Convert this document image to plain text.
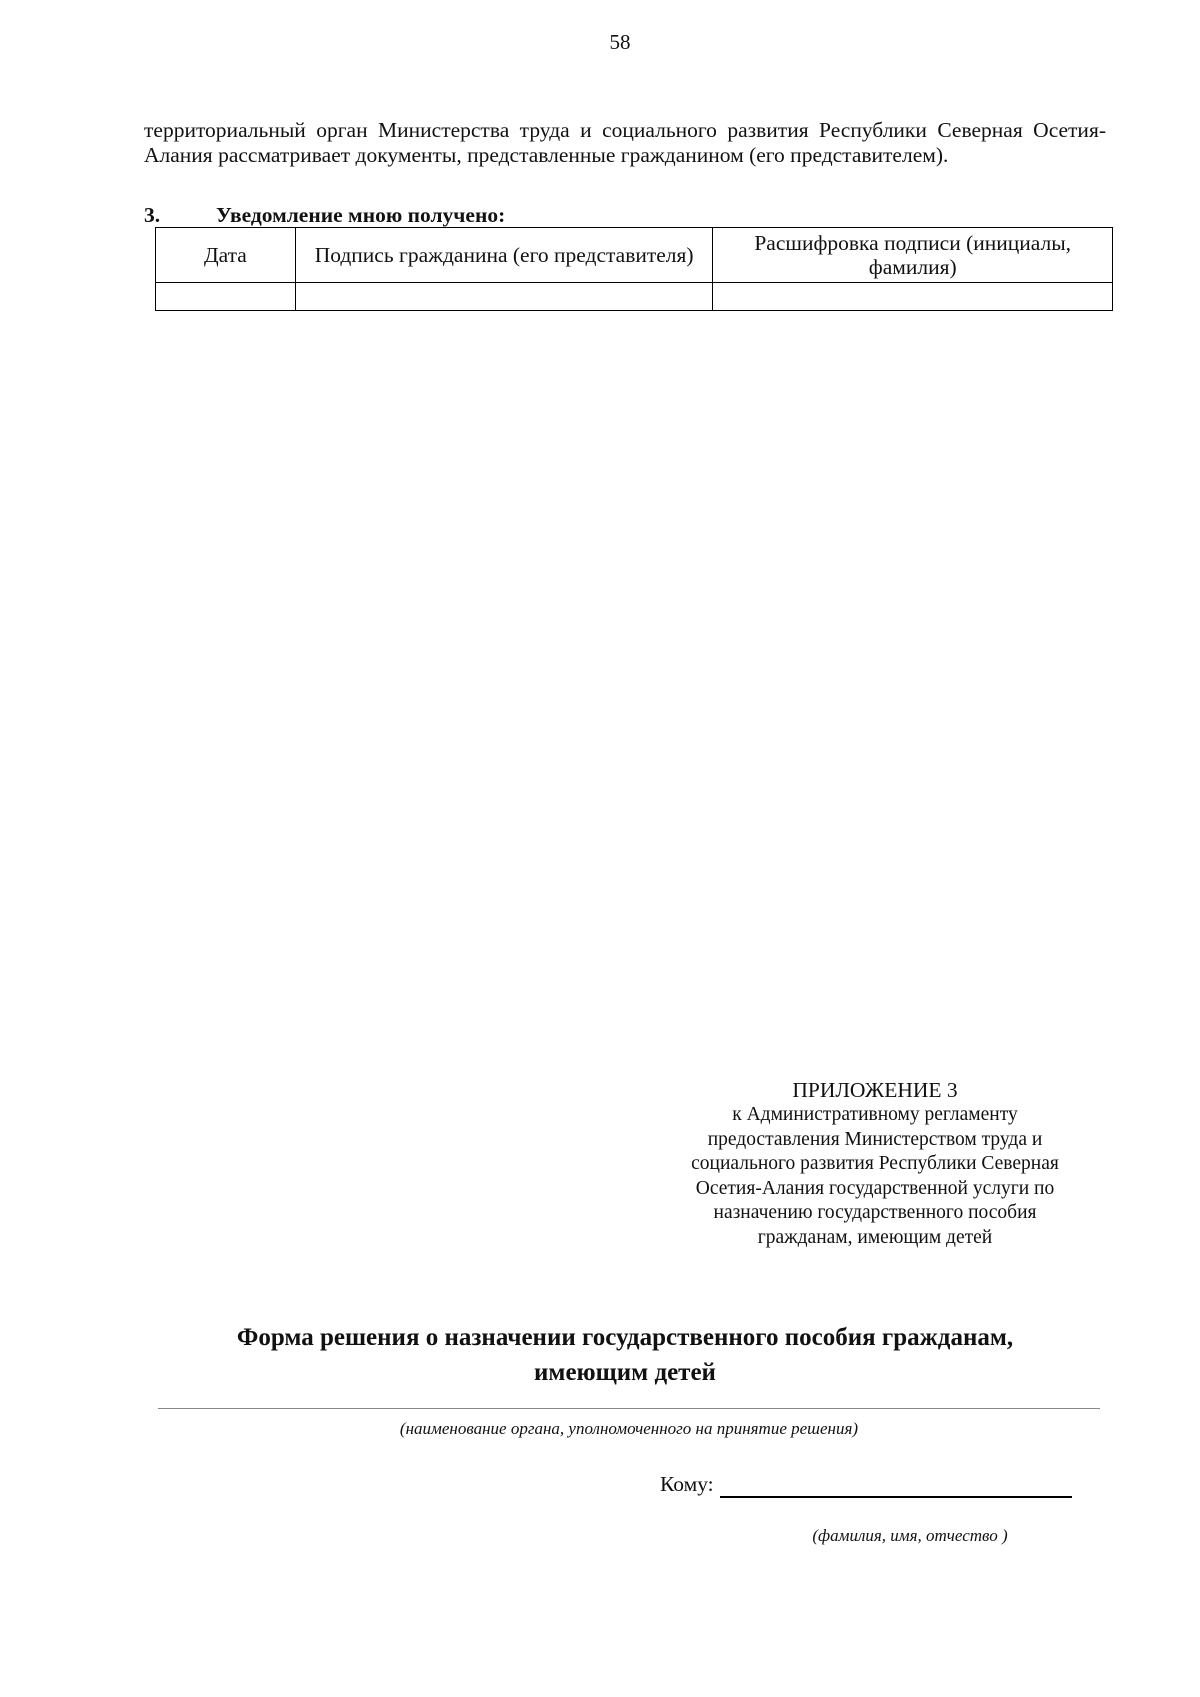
58
территориальный орган Министерства труда и социального развития Республики Северная Осетия-Алания рассматривает документы, представленные гражданином (его представителем).
3.	Уведомление мною получено:
Дата	Подпись гражданина (его представителя)	Расшифровка подписи (инициалы, фамилия)

ПРИЛОЖЕНИЕ 3
к Административному регламенту
предоставления Министерством труда и
социального развития Республики Северная
Осетия-Алания государственной услуги по
назначению государственного пособия
гражданам, имеющим детей
Форма решения о назначении государственного пособия гражданам,
имеющим детей
(наименование органа, уполномоченного на принятие решения)
Кому:
(фамилия, имя, отчество )
